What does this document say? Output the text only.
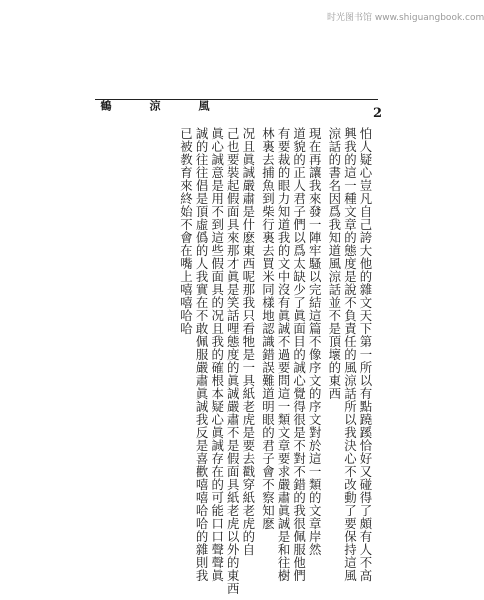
时光图书馆 www.shiguangbook.com
鶴	涼	風
2
怕人疑心豈凡自己誇大他的雜文天下第一所以有點蹺蹊恰好又碰得了頗有人不高
興我的這一種文章的態度是說不負責任的風涼話所以我決心不改動了要保持這風
涼話的書名因爲我知道風涼話並不是頂壞的東西
現在再讓我來發一陣牢騷以完結這篇不像序文的序文對於這一類的文章岸然
道貌的正人君子們以爲太缺少了眞面目的誠心覺得很是不對不錯的我很佩服他們
有要裁的眼力知道我的文中沒有眞誠不過要問這一類文章要求嚴肅眞誠是和往樹
林裏去捕魚到柴行裏去買米同樣地認識錯誤難道明眼的君子會不察知麽
况且眞誠嚴肅是什麽東西呢那我只看牠是一具紙老虎是要去戳穿紙老虎的自
己也要裝起假面具來那才眞是笑話哩態度的眞誠嚴肅不是假面具紙老虎以外的東西
眞心誠意是用不到這些假面具的况且我的確根本疑心眞誠存在的可能口口聲聲眞
誠的往往倡是頂虛僞的人我實在不敢佩服嚴肅眞誠我反是喜歡嘻嘻哈哈的雜則我
已被教育來終始不會在嘴上嘻嘻哈哈
